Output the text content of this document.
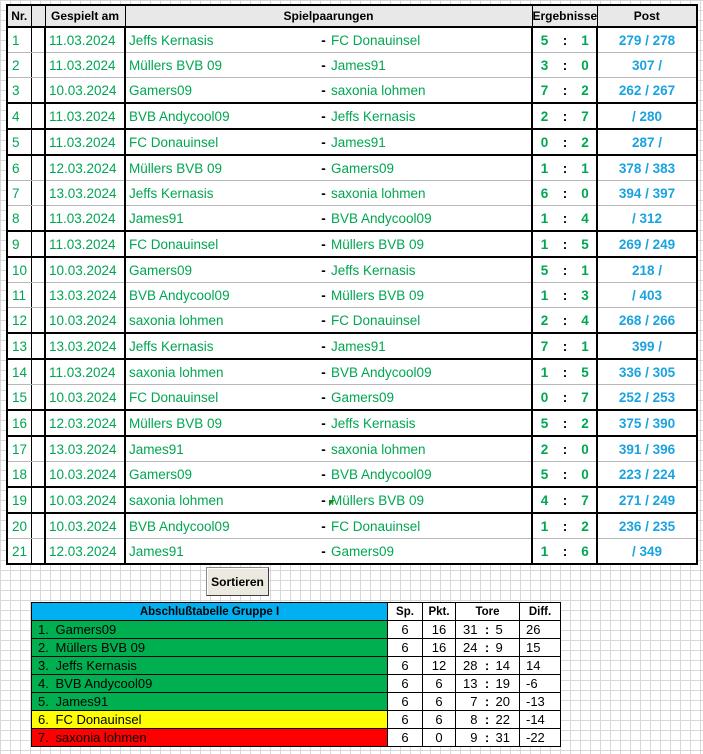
Nr.		Gespielt am	Spielpaarungen			Ergebnisse			Post
1		11.03.2024	Jeffs Kernasis	-	FC Donauinsel	5	:	1	279 / 278
2		11.03.2024	Müllers BVB 09	-	James91	3	:	0	307 /
3		10.03.2024	Gamers09	-	saxonia lohmen	7	:	2	262 / 267
4		11.03.2024	BVB Andycool09	-	Jeffs Kernasis	2	:	7	/ 280
5		11.03.2024	FC Donauinsel	-	James91	0	:	2	287 /
6		12.03.2024	Müllers BVB 09	-	Gamers09	1	:	1	378 / 383
7		13.03.2024	Jeffs Kernasis	-	saxonia lohmen	6	:	0	394 / 397
8		11.03.2024	James91	-	BVB Andycool09	1	:	4	/ 312
9		11.03.2024	FC Donauinsel	-	Müllers BVB 09	1	:	5	269 / 249
10		10.03.2024	Gamers09	-	Jeffs Kernasis	5	:	1	218 /
11		13.03.2024	BVB Andycool09	-	Müllers BVB 09	1	:	3	/ 403
12		10.03.2024	saxonia lohmen	-	FC Donauinsel	2	:	4	268 / 266
13		13.03.2024	Jeffs Kernasis	-	James91	7	:	1	399 /
14		11.03.2024	saxonia lohmen	-	BVB Andycool09	1	:	5	336 / 305
15		10.03.2024	FC Donauinsel	-	Gamers09	0	:	7	252 / 253
16		12.03.2024	Müllers BVB 09	-	Jeffs Kernasis	5	:	2	375 / 390
17		13.03.2024	James91	-	saxonia lohmen	2	:	0	391 / 396
18		10.03.2024	Gamers09	-	BVB Andycool09	5	:	0	223 / 224
19		10.03.2024	saxonia lohmen	-	Müllers BVB 09	4	:	7	271 / 249
20		10.03.2024	BVB Andycool09	-	FC Donauinsel	1	:	2	236 / 235
21		12.03.2024	James91	-	Gamers09	1	:	6	/ 349
Sortieren
Abschlußtabelle Gruppe I		Sp.	Pkt.	Tore			Diff.
1.	Gamers09	6	16	31	:	5	26
2.	Müllers BVB 09	6	16	24	:	9	15
3.	Jeffs Kernasis	6	12	28	:	14	14
4.	BVB Andycool09	6	6	13	:	19	-6
5.	James91	6	6	7	:	20	-13
6.	FC Donauinsel	6	6	8	:	22	-14
7.	saxonia lohmen	6	0	9	:	31	-22
